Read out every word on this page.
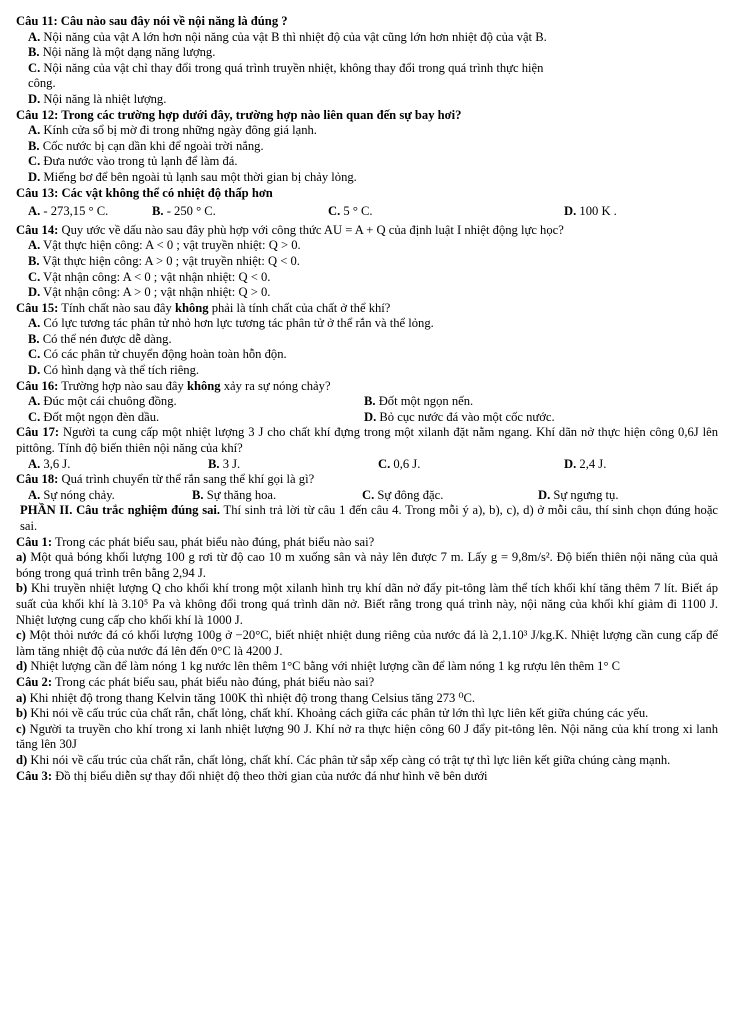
Câu 11: Câu nào sau đây nói về nội năng là đúng ?
A. Nội năng của vật A lớn hơn nội năng của vật B thì nhiệt độ của vật cũng lớn hơn nhiệt độ của vật B.
B. Nội năng là một dạng năng lượng.
C. Nội năng của vật chỉ thay đổi trong quá trình truyền nhiệt, không thay đổi trong quá trình thực hiện
công.
D. Nội năng là nhiệt lượng.
Câu 12: Trong các trường hợp dưới đây, trường hợp nào liên quan đến sự bay hơi?
A. Kính cửa sổ bị mờ đi trong những ngày đông giá lạnh.
B. Cốc nước bị cạn dần khi để ngoài trời nắng.
C. Đưa nước vào trong tủ lạnh để làm đá.
D. Miếng bơ để bên ngoài tủ lạnh sau một thời gian bị chảy lỏng.
Câu 13: Các vật không thể có nhiệt độ thấp hơn
A. - 273,15 ° C.	B. - 250 ° C.	C. 5 ° C.	D. 100 K .
Câu 14: Quy ước về dấu nào sau đây phù hợp với công thức AU = A + Q của định luật I nhiệt động lực học?
A. Vật thực hiện công: A < 0 ; vật truyền nhiệt: Q > 0.
B. Vật thực hiện công: A > 0 ; vật truyền nhiệt: Q < 0.
C. Vật nhận công: A < 0 ; vật nhận nhiệt: Q < 0.
D. Vật nhận công: A > 0 ; vật nhận nhiệt: Q > 0.
Câu 15: Tính chất nào sau đây không phải là tính chất của chất ở thể khí?
A. Có lực tương tác phân tử nhỏ hơn lực tương tác phân tử ở thể rắn và thể lỏng.
B. Có thể nén được dễ dàng.
C. Có các phân tử chuyển động hoàn toàn hỗn độn.
D. Có hình dạng và thể tích riêng.
Câu 16: Trường hợp nào sau đây không xảy ra sự nóng chảy?
A. Đúc một cái chuông đồng.	B. Đốt một ngọn nến.
C. Đốt một ngọn đèn dầu.	D. Bỏ cục nước đá vào một cốc nước.
Câu 17: Người ta cung cấp một nhiệt lượng 3 J cho chất khí đựng trong một xilanh đặt nằm ngang. Khí dãn nở thực hiện công 0,6J lên pittông. Tính độ biến thiên nội năng của khí?
A. 3,6 J.	B. 3 J.	C. 0,6 J.	D. 2,4 J.
Câu 18: Quá trình chuyển từ thể rắn sang thể khí gọi là gì?
A. Sự nóng chảy.	B. Sự thăng hoa.	C. Sự đông đặc.	D. Sự ngưng tụ.
PHẦN II. Câu trắc nghiệm đúng sai. Thí sinh trả lời từ câu 1 đến câu 4. Trong mỗi ý a), b), c), d) ở mỗi câu, thí sinh chọn đúng hoặc sai.
Câu 1: Trong các phát biểu sau, phát biểu nào đúng, phát biểu nào sai?
a) Một quả bóng khối lượng 100 g rơi từ độ cao 10 m xuống sân và nảy lên được 7 m. Lấy g = 9,8m/s². Độ biến thiên nội năng của quả bóng trong quá trình trên bằng 2,94 J.
b) Khi truyền nhiệt lượng Q cho khối khí trong một xilanh hình trụ khí dãn nở đẩy pit-tông làm thể tích khối khí tăng thêm 7 lít. Biết áp suất của khối khí là 3.10⁵ Pa và không đổi trong quá trình dãn nở. Biết rằng trong quá trình này, nội năng của khối khí giảm đi 1100 J. Nhiệt lượng cung cấp cho khối khí là 1000 J.
c) Một thỏi nước đá có khối lượng 100g ở −20°C, biết nhiệt nhiệt dung riêng của nước đá là 2,1.10³ J/kg.K. Nhiệt lượng cần cung cấp để làm tăng nhiệt độ của nước đá lên đến 0°C là 4200 J.
d) Nhiệt lượng cần để làm nóng 1 kg nước lên thêm 1°C bằng với nhiệt lượng cần để làm nóng 1 kg rượu lên thêm 1° C
Câu 2: Trong các phát biểu sau, phát biểu nào đúng, phát biểu nào sai?
a) Khi nhiệt độ trong thang Kelvin tăng 100K thì nhiệt độ trong thang Celsius tăng 273 ⁰C.
b) Khi nói về cấu trúc của chất rắn, chất lỏng, chất khí. Khoảng cách giữa các phân tử lớn thì lực liên kết giữa chúng các yếu.
c) Người ta truyền cho khí trong xi lanh nhiệt lượng 90 J. Khí nở ra thực hiện công 60 J đẩy pit-tông lên. Nội năng của khí trong xi lanh tăng lên 30J
d) Khi nói về cấu trúc của chất rắn, chất lỏng, chất khí. Các phân tử sắp xếp càng có trật tự thì lực liên kết giữa chúng càng mạnh.
Câu 3: Đồ thị biểu diễn sự thay đổi nhiệt độ theo thời gian của nước đá như hình vẽ bên dưới
